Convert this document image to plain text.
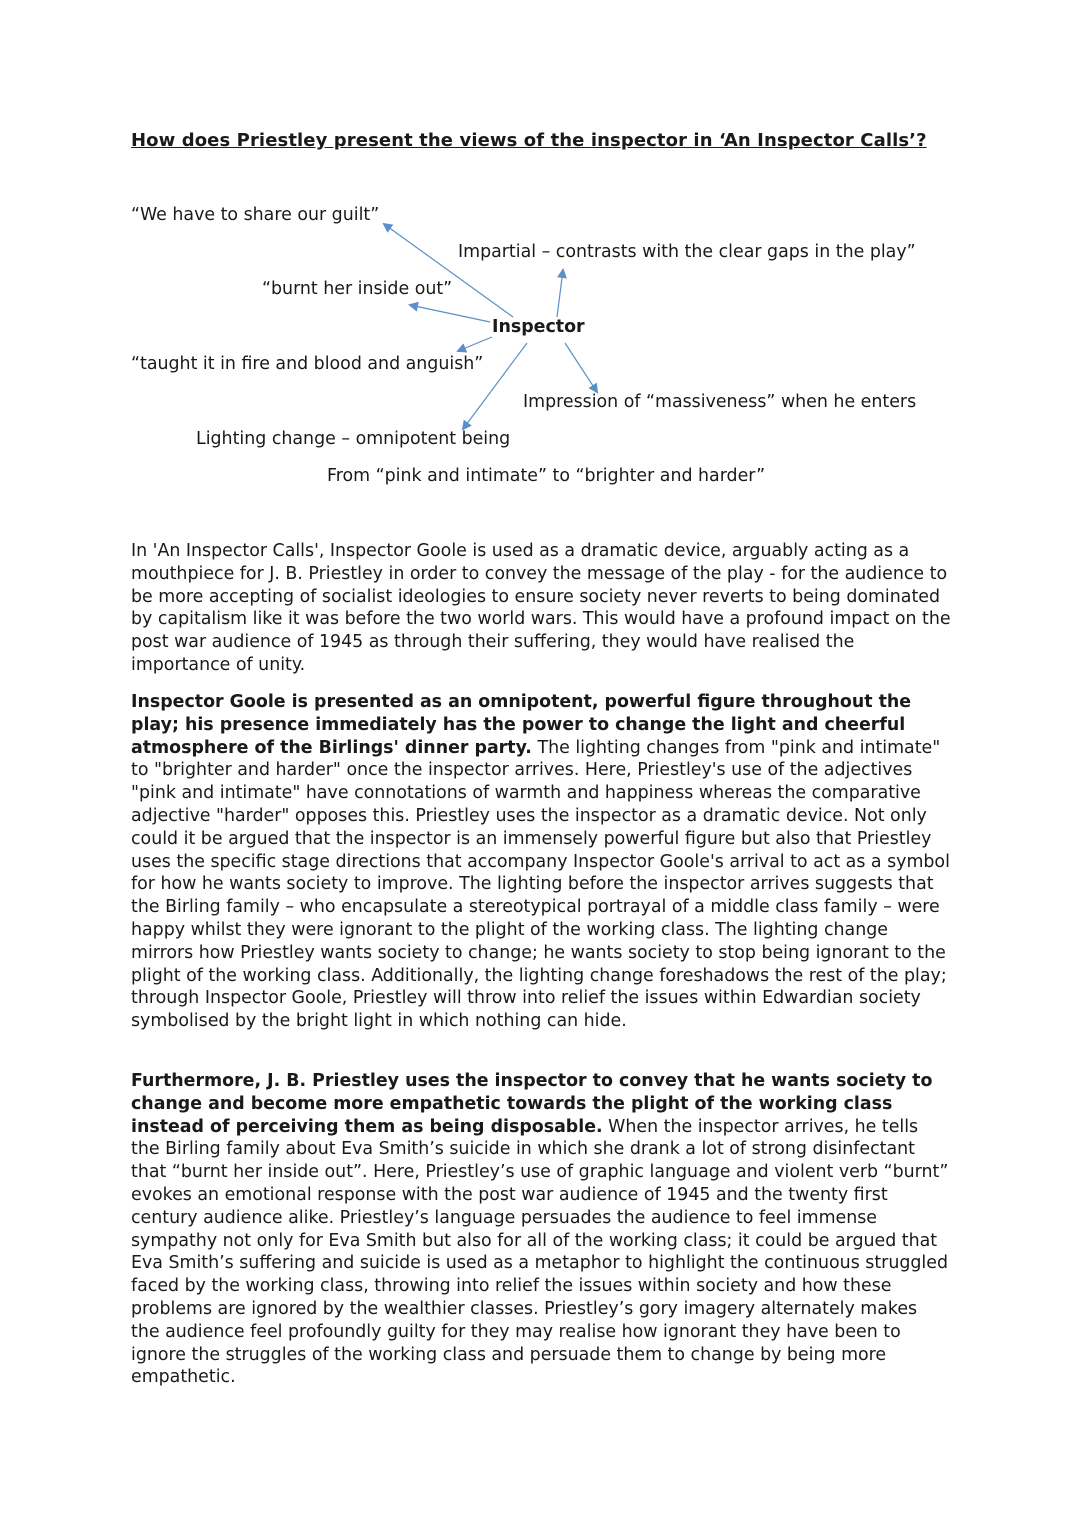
How does Priestley present the views of the inspector in ‘An Inspector Calls’?
“We have to share our guilt”
Impartial – contrasts with the clear gaps in the play”
“burnt her inside out”
Inspector
“taught it in fire and blood and anguish”
Impression of “massiveness” when he enters
Lighting change – omnipotent being
From “pink and intimate” to “brighter and harder”

In 'An Inspector Calls', Inspector Goole is used as a dramatic device, arguably acting as a mouthpiece for J. B. Priestley in order to convey the message of the play - for the audience to be more accepting of socialist ideologies to ensure society never reverts to being dominated by capitalism like it was before the two world wars. This would have a profound impact on the post war audience of 1945 as through their suffering, they would have realised the importance of unity.

Inspector Goole is presented as an omnipotent, powerful figure throughout the play; his presence immediately has the power to change the light and cheerful atmosphere of the Birlings' dinner party. The lighting changes from "pink and intimate" to "brighter and harder" once the inspector arrives. Here, Priestley's use of the adjectives "pink and intimate" have connotations of warmth and happiness whereas the comparative adjective "harder" opposes this. Priestley uses the inspector as a dramatic device. Not only could it be argued that the inspector is an immensely powerful figure but also that Priestley uses the specific stage directions that accompany Inspector Goole's arrival to act as a symbol for how he wants society to improve. The lighting before the inspector arrives suggests that the Birling family – who encapsulate a stereotypical portrayal of a middle class family – were happy whilst they were ignorant to the plight of the working class. The lighting change mirrors how Priestley wants society to change; he wants society to stop being ignorant to the plight of the working class. Additionally, the lighting change foreshadows the rest of the play; through Inspector Goole, Priestley will throw into relief the issues within Edwardian society symbolised by the bright light in which nothing can hide.

Furthermore, J. B. Priestley uses the inspector to convey that he wants society to change and become more empathetic towards the plight of the working class instead of perceiving them as being disposable. When the inspector arrives, he tells the Birling family about Eva Smith’s suicide in which she drank a lot of strong disinfectant that “burnt her inside out”. Here, Priestley’s use of graphic language and violent verb “burnt” evokes an emotional response with the post war audience of 1945 and the twenty first century audience alike. Priestley’s language persuades the audience to feel immense sympathy not only for Eva Smith but also for all of the working class; it could be argued that Eva Smith’s suffering and suicide is used as a metaphor to highlight the continuous struggled faced by the working class, throwing into relief the issues within society and how these problems are ignored by the wealthier classes. Priestley’s gory imagery alternately makes the audience feel profoundly guilty for they may realise how ignorant they have been to ignore the struggles of the working class and persuade them to change by being more empathetic.
